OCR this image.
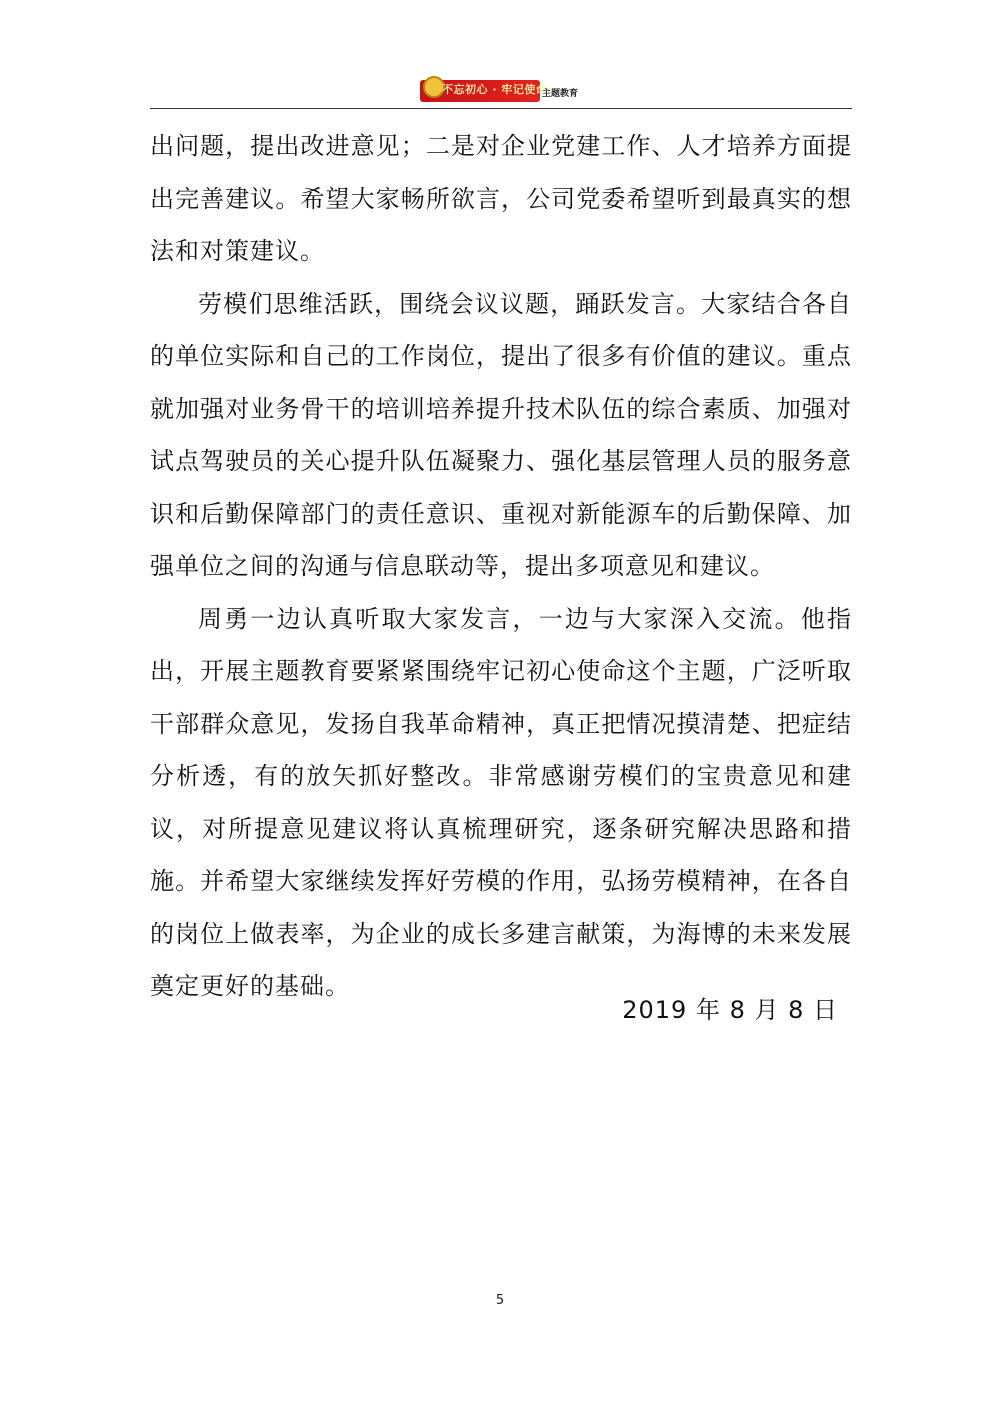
不忘初心 · 牢记使命
主题教育

出问题，提出改进意见；二是对企业党建工作、人才培养方面提出完善建议。希望大家畅所欲言，公司党委希望听到最真实的想法和对策建议。

劳模们思维活跃，围绕会议议题，踊跃发言。大家结合各自的单位实际和自己的工作岗位，提出了很多有价值的建议。重点就加强对业务骨干的培训培养提升技术队伍的综合素质、加强对试点驾驶员的关心提升队伍凝聚力、强化基层管理人员的服务意识和后勤保障部门的责任意识、重视对新能源车的后勤保障、加强单位之间的沟通与信息联动等，提出多项意见和建议。

周勇一边认真听取大家发言，一边与大家深入交流。他指出，开展主题教育要紧紧围绕牢记初心使命这个主题，广泛听取干部群众意见，发扬自我革命精神，真正把情况摸清楚、把症结分析透，有的放矢抓好整改。非常感谢劳模们的宝贵意见和建议，对所提意见建议将认真梳理研究，逐条研究解决思路和措施。并希望大家继续发挥好劳模的作用，弘扬劳模精神，在各自的岗位上做表率，为企业的成长多建言献策，为海博的未来发展奠定更好的基础。

2019 年 8 月 8 日
5
